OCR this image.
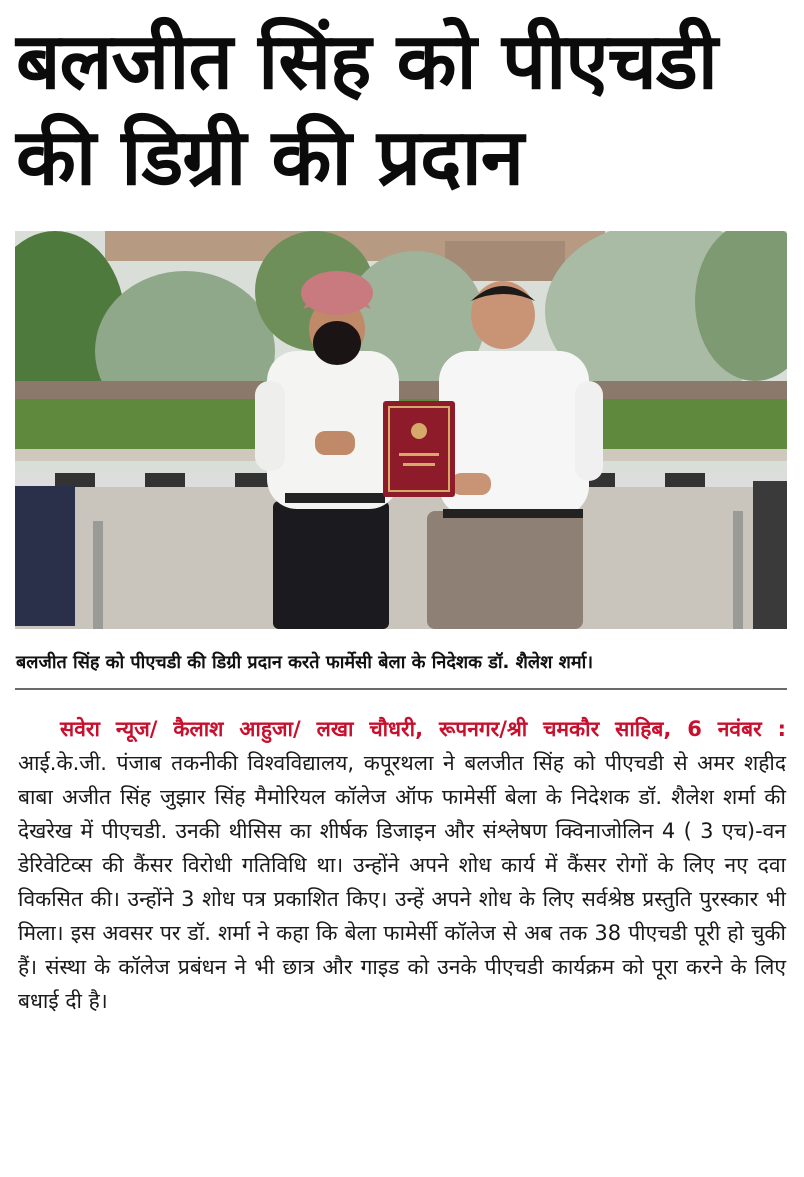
बलजीत सिंह को पीएचडी
की डिग्री की प्रदान
बलजीत सिंह को पीएचडी की डिग्री प्रदान करते फार्मेसी बेला के निदेशक डॉ. शैलेश शर्मा।
सवेरा न्यूज/ कैलाश आहुजा/ लखा चौधरी, रूपनगर/श्री चमकौर साहिब, 6 नवंबर : आई.के.जी. पंजाब तकनीकी विश्वविद्यालय, कपूरथला ने बलजीत सिंह को पीएचडी से अमर शहीद बाबा अजीत सिंह जुझार सिंह मैमोरियल कॉलेज ऑफ फामेर्सी बेला के निदेशक डॉ. शैलेश शर्मा की देखरेख में पीएचडी. उनकी थीसिस का शीर्षक डिजाइन और संश्लेषण क्विनाजोलिन 4 ( 3 एच)-वन डेरिवेटिव्स की कैंसर विरोधी गतिविधि था। उन्होंने अपने शोध कार्य में कैंसर रोगों के लिए नए दवा विकसित की। उन्होंने 3 शोध पत्र प्रकाशित किए। उन्हें अपने शोध के लिए सर्वश्रेष्ठ प्रस्तुति पुरस्कार भी मिला। इस अवसर पर डॉ. शर्मा ने कहा कि बेला फामेर्सी कॉलेज से अब तक 38 पीएचडी पूरी हो चुकी हैं। संस्था के कॉलेज प्रबंधन ने भी छात्र और गाइड को उनके पीएचडी कार्यक्रम को पूरा करने के लिए बधाई दी है।
